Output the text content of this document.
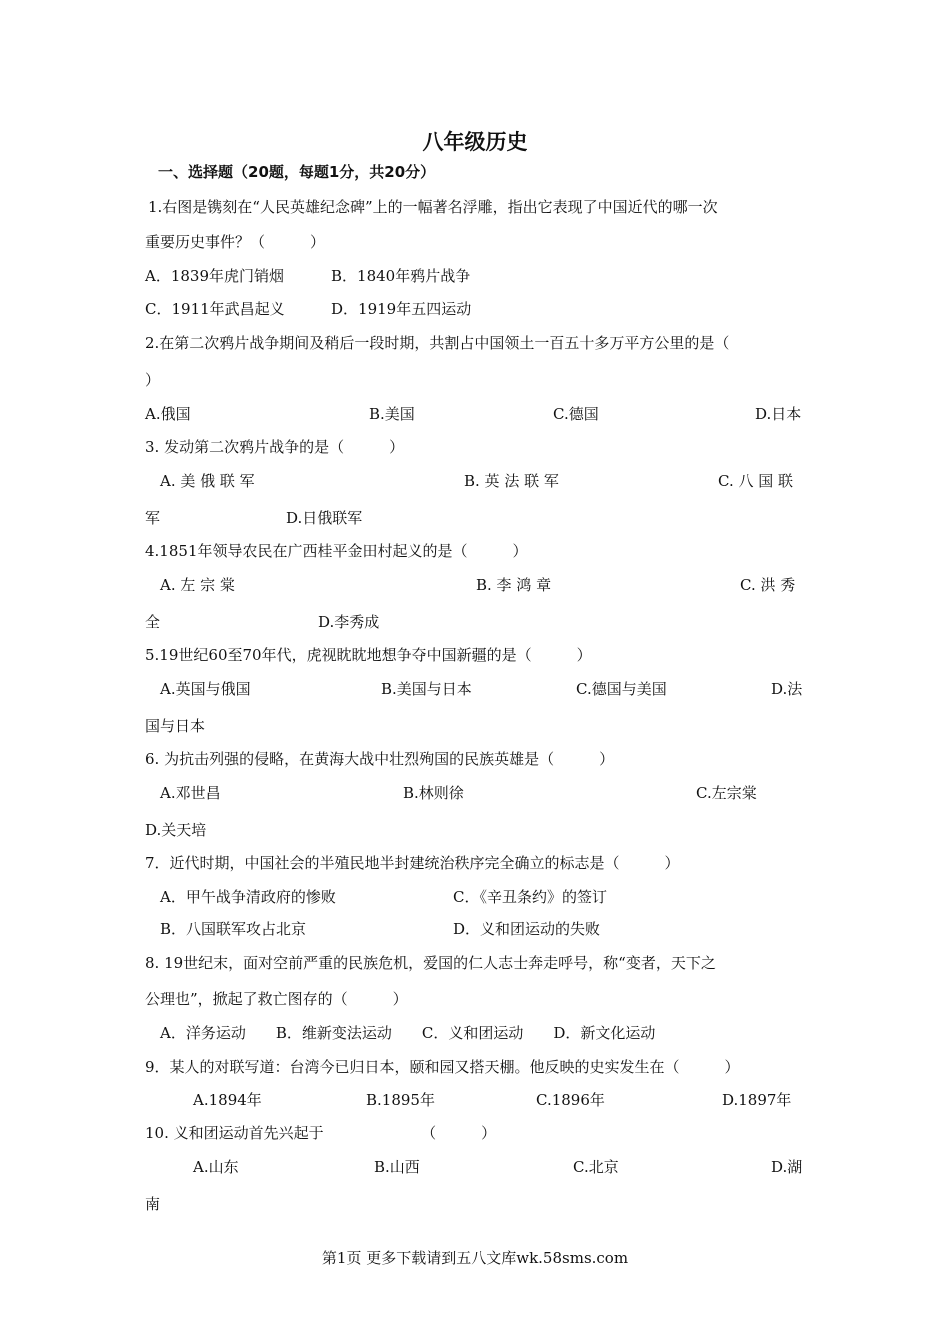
八年级历史
一、选择题（20题，每题1分，共20分）
1.右图是镌刻在“人民英雄纪念碑”上的一幅著名浮雕，指出它表现了中国近代的哪一次
重要历史事件？（　　　）
A．1839年虎门销烟	B．1840年鸦片战争
C．1911年武昌起义	D．1919年五四运动
2.在第二次鸦片战争期间及稍后一段时期，共割占中国领土一百五十多万平方公里的是（
）
A.俄国	B.美国	C.德国	D.日本
3. 发动第二次鸦片战争的是（　　　）
A. 美 俄 联 军	B. 英 法 联 军	C. 八 国 联
军	D.日俄联军
4.1851年领导农民在广西桂平金田村起义的是（　　　）
A. 左 宗 棠	B. 李 鸿 章	C. 洪 秀
全	D.李秀成
5.19世纪60至70年代，虎视眈眈地想争夺中国新疆的是（　　　）
A.英国与俄国	B.美国与日本	C.德国与美国	D.法
国与日本
6. 为抗击列强的侵略，在黄海大战中壮烈殉国的民族英雄是（　　　）
A.邓世昌	B.林则徐	C.左宗棠
D.关天培
7．近代时期，中国社会的半殖民地半封建统治秩序完全确立的标志是（　　　）
A．甲午战争清政府的惨败	C．《辛丑条约》的签订
B．八国联军攻占北京	D．义和团运动的失败
8. 19世纪末，面对空前严重的民族危机，爱国的仁人志士奔走呼号，称“变者，天下之
公理也”，掀起了救亡图存的（　　　）
A．洋务运动　　B．维新变法运动　　C．义和团运动　　D．新文化运动
9．某人的对联写道：台湾今已归日本，颐和园又搭天棚。他反映的史实发生在（　　　）
A.1894年	B.1895年	C.1896年	D.1897年
10. 义和团运动首先兴起于　　　　　　　（　　　）
A.山东	B.山西	C.北京	D.湖
南
第1页 更多下载请到五八文库wk.58sms.com
